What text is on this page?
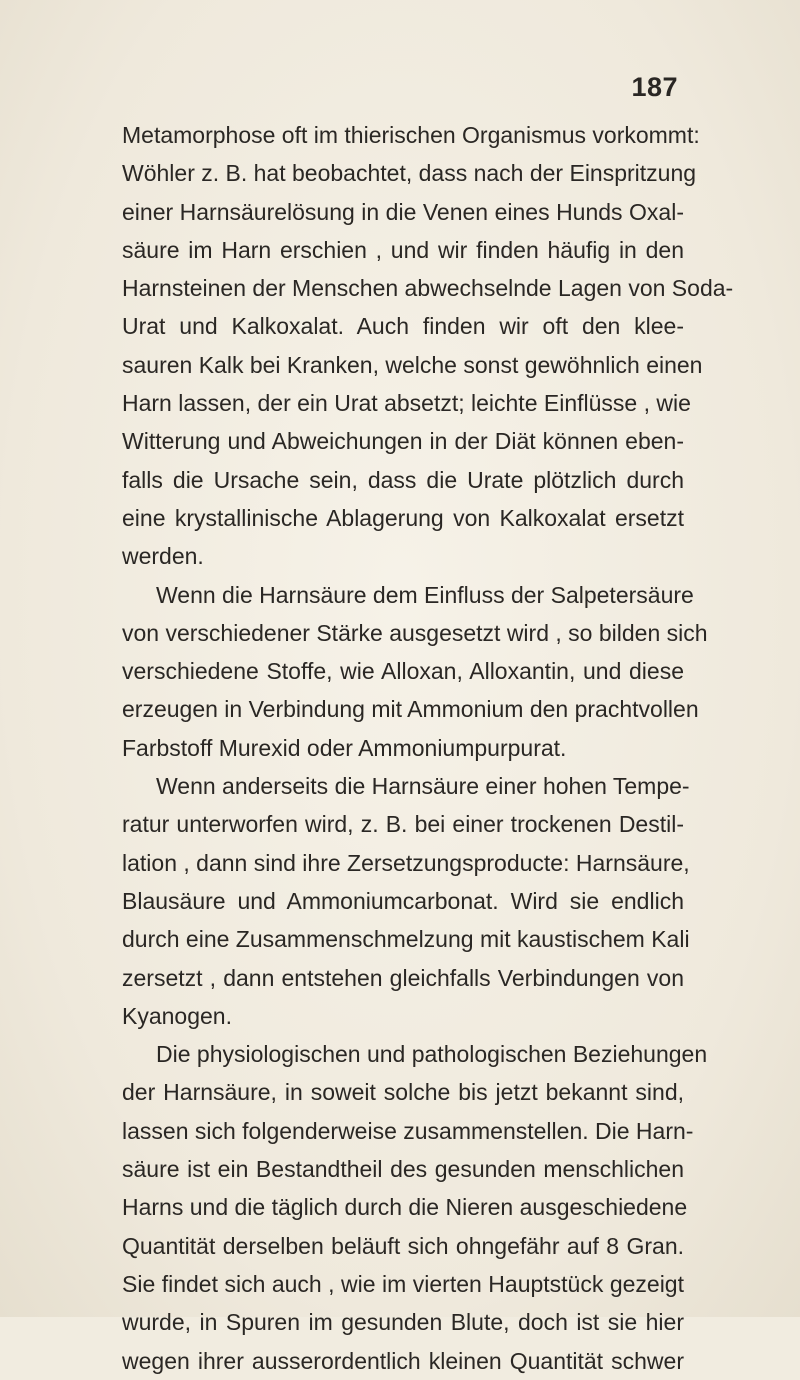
187
Metamorphose oft im thierischen Organismus vorkommt:
Wöhler z. B. hat beobachtet, dass nach der Einspritzung
einer Harnsäurelösung in die Venen eines Hunds Oxal-
säure im Harn erschien , und wir finden häufig in den
Harnsteinen der Menschen abwechselnde Lagen von Soda-
Urat und Kalkoxalat. Auch finden wir oft den klee-
sauren Kalk bei Kranken, welche sonst gewöhnlich einen
Harn lassen, der ein Urat absetzt; leichte Einflüsse , wie
Witterung und Abweichungen in der Diät können eben-
falls die Ursache sein, dass die Urate plötzlich durch
eine krystallinische Ablagerung von Kalkoxalat ersetzt
werden.
Wenn die Harnsäure dem Einfluss der Salpetersäure
von verschiedener Stärke ausgesetzt wird , so bilden sich
verschiedene Stoffe, wie Alloxan, Alloxantin, und diese
erzeugen in Verbindung mit Ammonium den prachtvollen
Farbstoff Murexid oder Ammoniumpurpurat.
Wenn anderseits die Harnsäure einer hohen Tempe-
ratur unterworfen wird, z. B. bei einer trockenen Destil-
lation , dann sind ihre Zersetzungsproducte: Harnsäure,
Blausäure und Ammoniumcarbonat. Wird sie endlich
durch eine Zusammenschmelzung mit kaustischem Kali
zersetzt , dann entstehen gleichfalls Verbindungen von
Kyanogen.
Die physiologischen und pathologischen Beziehungen
der Harnsäure, in soweit solche bis jetzt bekannt sind,
lassen sich folgenderweise zusammenstellen. Die Harn-
säure ist ein Bestandtheil des gesunden menschlichen
Harns und die täglich durch die Nieren ausgeschiedene
Quantität derselben beläuft sich ohngefähr auf 8 Gran.
Sie findet sich auch , wie im vierten Hauptstück gezeigt
wurde, in Spuren im gesunden Blute, doch ist sie hier
wegen ihrer ausserordentlich kleinen Quantität schwer
